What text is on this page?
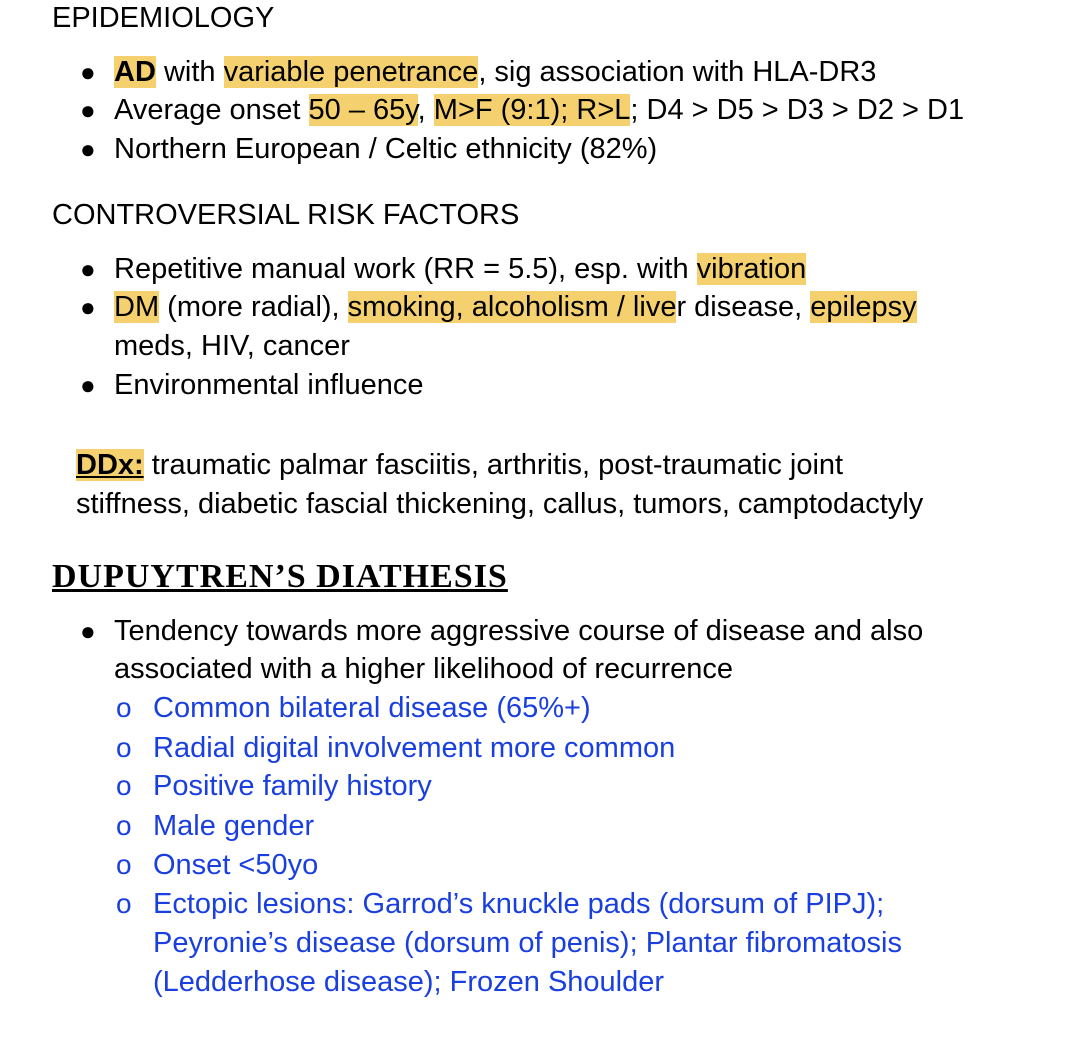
EPIDEMIOLOGY
● AD with variable penetrance, sig association with HLA-DR3
● Average onset 50 – 65y, M>F (9:1); R>L; D4 > D5 > D3 > D2 > D1
● Northern European / Celtic ethnicity (82%)
CONTROVERSIAL RISK FACTORS
● Repetitive manual work (RR = 5.5), esp. with vibration
● DM (more radial), smoking, alcoholism / liver disease, epilepsy
meds, HIV, cancer
● Environmental influence
DDx: traumatic palmar fasciitis, arthritis, post-traumatic joint
stiffness, diabetic fascial thickening, callus, tumors, camptodactyly
DUPUYTREN’S DIATHESIS
● Tendency towards more aggressive course of disease and also
associated with a higher likelihood of recurrence
o Common bilateral disease (65%+)
o Radial digital involvement more common
o Positive family history
o Male gender
o Onset <50yo
o Ectopic lesions: Garrod’s knuckle pads (dorsum of PIPJ);
Peyronie’s disease (dorsum of penis); Plantar fibromatosis
(Ledderhose disease); Frozen Shoulder
